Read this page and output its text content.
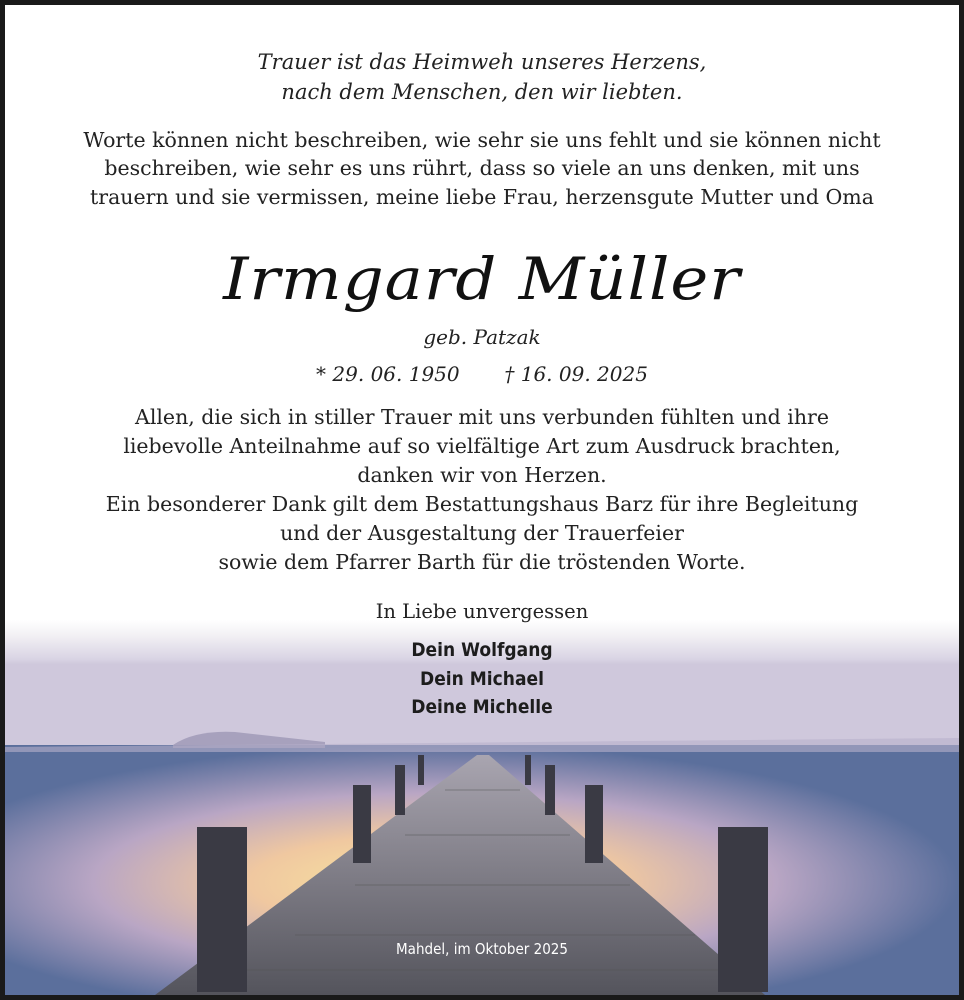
Trauer ist das Heimweh unseres Herzens,
nach dem Menschen, den wir liebten.
Worte können nicht beschreiben, wie sehr sie uns fehlt und sie können nicht
beschreiben, wie sehr es uns rührt, dass so viele an uns denken, mit uns
trauern und sie vermissen, meine liebe Frau, herzensgute Mutter und Oma
Irmgard Müller
geb. Patzak
* 29. 06. 1950 † 16. 09. 2025
Allen, die sich in stiller Trauer mit uns verbunden fühlten und ihre
liebevolle Anteilnahme auf so vielfältige Art zum Ausdruck brachten,
danken wir von Herzen.
Ein besonderer Dank gilt dem Bestattungshaus Barz für ihre Begleitung
und der Ausgestaltung der Trauerfeier
sowie dem Pfarrer Barth für die tröstenden Worte.
In Liebe unvergessen
Dein Wolfgang
Dein Michael
Deine Michelle
Mahdel, im Oktober 2025
